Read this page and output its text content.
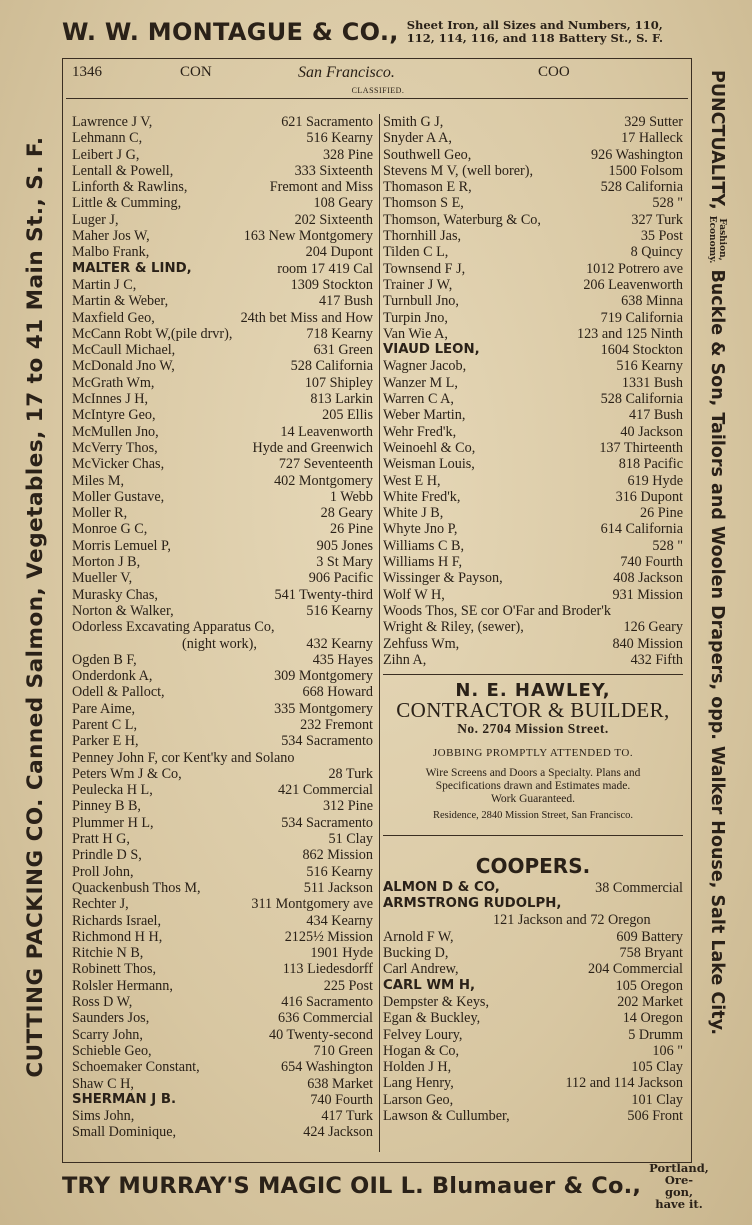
W. W. MONTAGUE & CO., Sheet Iron, all Sizes and Numbers, 110,
112, 114, 116, and 118 Battery St., S. F.
CUTTING PACKING CO. Canned Salmon, Vegetables, 17 to 41 Main St., S. F.	PUNCTUALITY,
Fashion,
Economy.
Buckle & Son, Tailors and Woolen Drapers, opp. Walker House, Salt Lake City.
1346	CON	San Francisco.	COO
CLASSIFIED.
Lawrence J V,	621 Sacramento
Lehmann C,	516 Kearny
Leibert J G,	328 Pine
Lentall & Powell,	333 Sixteenth
Linforth & Rawlins,	Fremont and Miss
Little & Cumming,	108 Geary
Luger J,	202 Sixteenth
Maher Jos W,	163 New Montgomery
Malbo Frank,	204 Dupont
MALTER & LIND,	room 17 419 Cal
Martin J C,	1309 Stockton
Martin & Weber,	417 Bush
Maxfield Geo,	24th bet Miss and How
McCann Robt W,(pile drvr),	718 Kearny
McCaull Michael,	631 Green
McDonald Jno W,	528 California
McGrath Wm,	107 Shipley
McInnes J H,	813 Larkin
McIntyre Geo,	205 Ellis
McMullen Jno,	14 Leavenworth
McVerry Thos,	Hyde and Greenwich
McVicker Chas,	727 Seventeenth
Miles M,	402 Montgomery
Moller Gustave,	1 Webb
Moller R,	28 Geary
Monroe G C,	26 Pine
Morris Lemuel P,	905 Jones
Morton J B,	3 St Mary
Mueller V,	906 Pacific
Murasky Chas,	541 Twenty-third
Norton & Walker,	516 Kearny
Odorless Excavating Apparatus Co,
(night work),	432 Kearny
Ogden B F,	435 Hayes
Onderdonk A,	309 Montgomery
Odell & Palloct,	668 Howard
Pare Aime,	335 Montgomery
Parent C L,	232 Fremont
Parker E H,	534 Sacramento
Penney John F, cor Kent'ky and Solano
Peters Wm J & Co,	28 Turk
Peulecka H L,	421 Commercial
Pinney B B,	312 Pine
Plummer H L,	534 Sacramento
Pratt H G,	51 Clay
Prindle D S,	862 Mission
Proll John,	516 Kearny
Quackenbush Thos M,	511 Jackson
Rechter J,	311 Montgomery ave
Richards Israel,	434 Kearny
Richmond H H,	2125½ Mission
Ritchie N B,	1901 Hyde
Robinett Thos,	113 Liedesdorff
Rolsler Hermann,	225 Post
Ross D W,	416 Sacramento
Saunders Jos,	636 Commercial
Scarry John,	40 Twenty-second
Schieble Geo,	710 Green
Schoemaker Constant,	654 Washington
Shaw C H,	638 Market
SHERMAN J B.	740 Fourth
Sims John,	417 Turk
Small Dominique,	424 Jackson
Smith G J,	329 Sutter
Snyder A A,	17 Halleck
Southwell Geo,	926 Washington
Stevens M V, (well borer),	1500 Folsom
Thomason E R,	528 California
Thomson S E,	528 "
Thomson, Waterburg & Co,	327 Turk
Thornhill Jas,	35 Post
Tilden C L,	8 Quincy
Townsend F J,	1012 Potrero ave
Trainer J W,	206 Leavenworth
Turnbull Jno,	638 Minna
Turpin Jno,	719 California
Van Wie A,	123 and 125 Ninth
VIAUD LEON,	1604 Stockton
Wagner Jacob,	516 Kearny
Wanzer M L,	1331 Bush
Warren C A,	528 California
Weber Martin,	417 Bush
Wehr Fred'k,	40 Jackson
Weinoehl & Co,	137 Thirteenth
Weisman Louis,	818 Pacific
West E H,	619 Hyde
White Fred'k,	316 Dupont
White J B,	26 Pine
Whyte Jno P,	614 California
Williams C B,	528 "
Williams H F,	740 Fourth
Wissinger & Payson,	408 Jackson
Wolf W H,	931 Mission
Woods Thos, SE cor O'Far and Broder'k
Wright & Riley, (sewer),	126 Geary
Zehfuss Wm,	840 Mission
Zihn A,	432 Fifth
N. E. HAWLEY,
CONTRACTOR & BUILDER,
No. 2704 Mission Street.
JOBBING PROMPTLY ATTENDED TO.
Wire Screens and Doors a Specialty. Plans and
Specifications drawn and Estimates made.
Work Guaranteed.
Residence, 2840 Mission Street, San Francisco.
COOPERS.
ALMON D & CO,	38 Commercial
ARMSTRONG RUDOLPH,
121 Jackson and 72 Oregon
Arnold F W,	609 Battery
Bucking D,	758 Bryant
Carl Andrew,	204 Commercial
CARL WM H,	105 Oregon
Dempster & Keys,	202 Market
Egan & Buckley,	14 Oregon
Felvey Loury,	5 Drumm
Hogan & Co,	106 "
Holden J H,	105 Clay
Lang Henry,	112 and 114 Jackson
Larson Geo,	101 Clay
Lawson & Cullumber,	506 Front
TRY MURRAY'S MAGIC OIL L. Blumauer & Co.,
Portland, Ore-
gon, have it.
